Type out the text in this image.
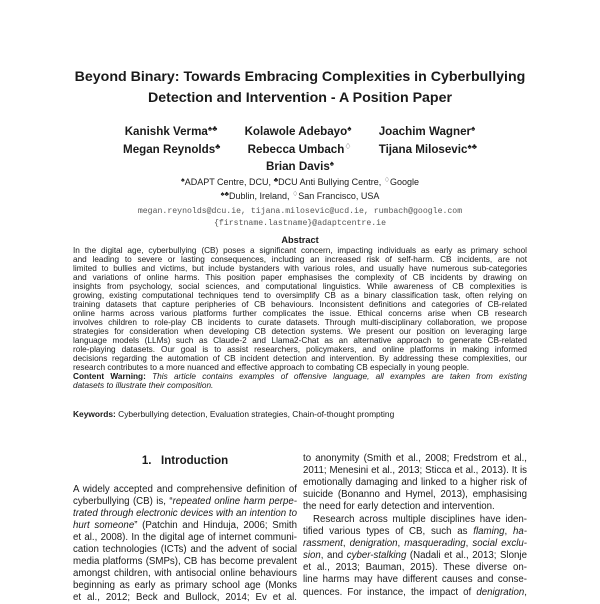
Beyond Binary: Towards Embracing Complexities in Cyberbullying
Detection and Intervention - A Position Paper
Kanishk Verma♠♣ Kolawole Adebayo♠ Joachim Wagner♠
Megan Reynolds♣ Rebecca Umbach♢ Tijana Milosevic♠♣
Brian Davis♠
♠ADAPT Centre, DCU, ♣DCU Anti Bullying Centre, ♢Google
♠♣Dublin, Ireland, ♢San Francisco, USA
megan.reynolds@dcu.ie, tijana.milosevic@ucd.ie, rumbach@google.com
{firstname.lastname}@adaptcentre.ie
Abstract
In the digital age, cyberbullying (CB) poses a significant concern, impacting individuals as early as primary school
and leading to severe or lasting consequences, including an increased risk of self-harm. CB incidents, are not
limited to bullies and victims, but include bystanders with various roles, and usually have numerous sub-categories
and variations of online harms. This position paper emphasises the complexity of CB incidents by drawing on
insights from psychology, social sciences, and computational linguistics. While awareness of CB complexities is
growing, existing computational techniques tend to oversimplify CB as a binary classification task, often relying on
training datasets that capture peripheries of CB behaviours. Inconsistent definitions and categories of CB-related
online harms across various platforms further complicates the issue. Ethical concerns arise when CB research
involves children to role-play CB incidents to curate datasets. Through multi-disciplinary collaboration, we propose
strategies for consideration when developing CB detection systems. We present our position on leveraging large
language models (LLMs) such as Claude-2 and Llama2-Chat as an alternative approach to generate CB-related
role-playing datasets. Our goal is to assist researchers, policymakers, and online platforms in making informed
decisions regarding the automation of CB incident detection and intervention. By addressing these complexities, our
research contributes to a more nuanced and effective approach to combating CB especially in young people.
Content Warning: This article contains examples of offensive language, all examples are taken from existing
datasets to illustrate their composition.
Keywords: Cyberbullying detection, Evaluation strategies, Chain-of-thought prompting
1. Introduction
A widely accepted and comprehensive definition of
cyberbullying (CB) is, “repeated online harm perpe-
trated through electronic devices with an intention to
hurt someone” (Patchin and Hinduja, 2006; Smith
et al., 2008). In the digital age of internet communi-
cation technologies (ICTs) and the advent of social
media platforms (SMPs), CB has become prevalent
amongst children, with antisocial online behaviours
beginning as early as primary school age (Monks
et al., 2012; Beck and Bullock, 2014; Ev et al.
to anonymity (Smith et al., 2008; Fredstrom et al.,
2011; Menesini et al., 2013; Sticca et al., 2013). It is
emotionally damaging and linked to a higher risk of
suicide (Bonanno and Hymel, 2013), emphasising
the need for early detection and intervention.
Research across multiple disciplines have iden-
tified various types of CB, such as flaming, ha-
rassment, denigration, masquerading, social exclu-
sion, and cyber-stalking (Nadali et al., 2013; Slonje
et al., 2013; Bauman, 2015). These diverse on-
line harms may have different causes and conse-
quences. For instance, the impact of denigration,
